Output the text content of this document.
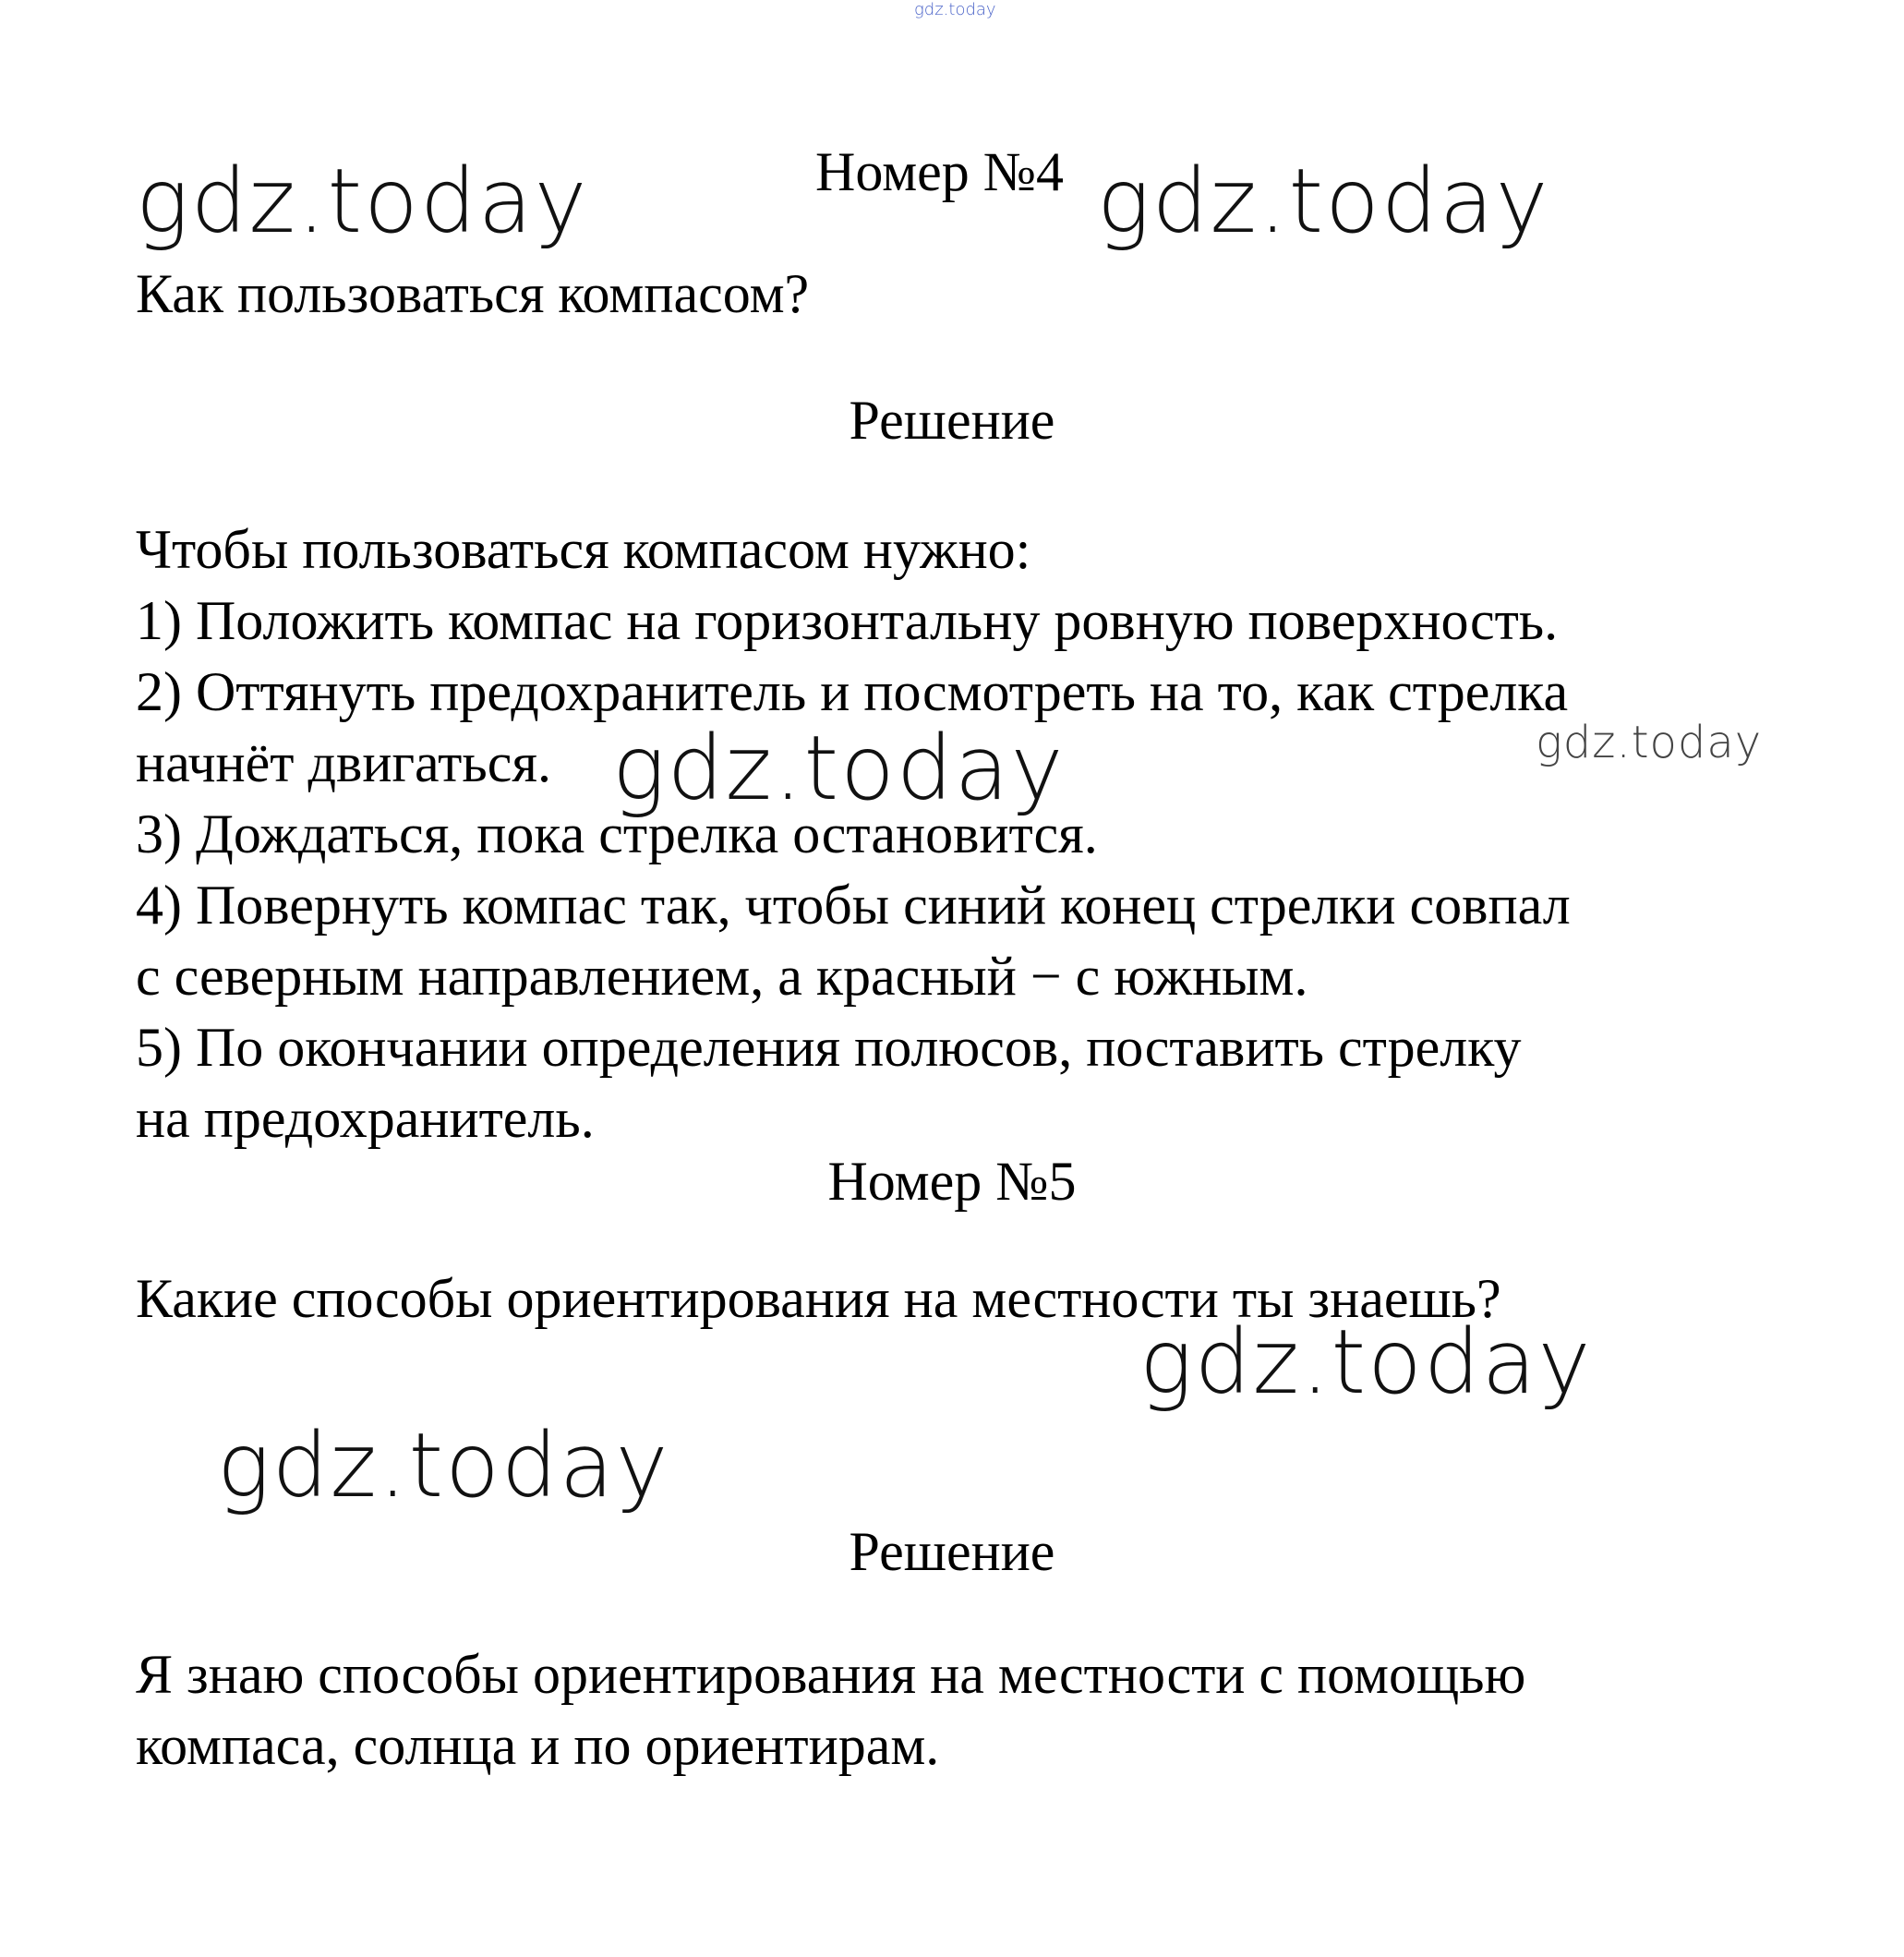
gdz.today
gdz.today	gdz.today
gdz.today	gdz.today
gdz.today
gdz.today
Номер №4
Как пользоваться компасом?
Решение
Чтобы пользоваться компасом нужно:
1) Положить компас на горизонтальну ровную поверхность.
2) Оттянуть предохранитель и посмотреть на то, как стрелка
начнёт двигаться.
3) Дождаться, пока стрелка остановится.
4) Повернуть компас так, чтобы синий конец стрелки совпал
с северным направлением, а красный − с южным.
5) По окончании определения полюсов, поставить стрелку
на предохранитель.
Номер №5
Какие способы ориентирования на местности ты знаешь?
Решение
Я знаю способы ориентирования на местности с помощью
компаса, солнца и по ориентирам.
